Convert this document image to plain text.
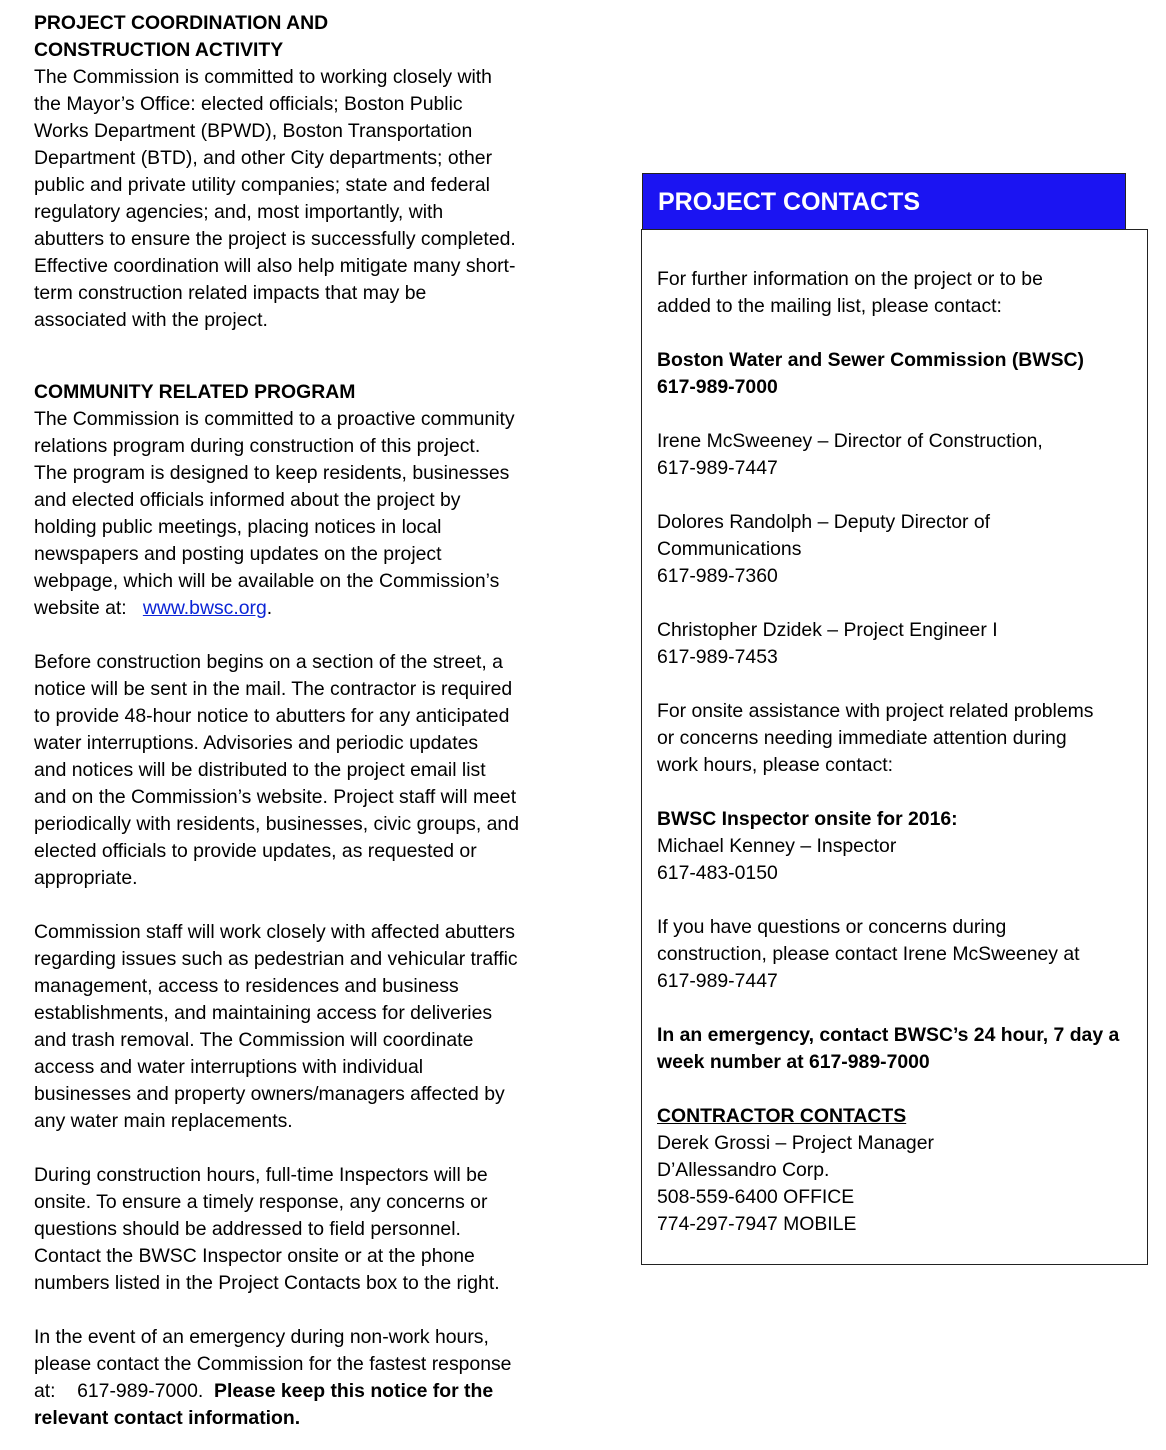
PROJECT COORDINATION AND

CONSTRUCTION ACTIVITY

The Commission is committed to working closely with

the Mayor’s Office: elected officials; Boston Public

Works Department (BPWD), Boston Transportation

Department (BTD), and other City departments; other

public and private utility companies; state and federal

regulatory agencies; and, most importantly, with

abutters to ensure the project is successfully completed.

Effective coordination will also help mitigate many short-

term construction related impacts that may be

associated with the project.

COMMUNITY RELATED PROGRAM

The Commission is committed to a proactive community

relations program during construction of this project.

The program is designed to keep residents, businesses

and elected officials informed about the project by

holding public meetings, placing notices in local

newspapers and posting updates on the project

webpage, which will be available on the Commission’s

website at:   www.bwsc.org.

Before construction begins on a section of the street, a

notice will be sent in the mail. The contractor is required

to provide 48-hour notice to abutters for any anticipated

water interruptions. Advisories and periodic updates

and notices will be distributed to the project email list

and on the Commission’s website. Project staff will meet

periodically with residents, businesses, civic groups, and

elected officials to provide updates, as requested or

appropriate.

Commission staff will work closely with affected abutters

regarding issues such as pedestrian and vehicular traffic

management, access to residences and business

establishments, and maintaining access for deliveries

and trash removal. The Commission will coordinate

access and water interruptions with individual

businesses and property owners/managers affected by

any water main replacements.

During construction hours, full-time Inspectors will be

onsite. To ensure a timely response, any concerns or

questions should be addressed to field personnel.

Contact the BWSC Inspector onsite or at the phone

numbers listed in the Project Contacts box to the right.

In the event of an emergency during non-work hours,

please contact the Commission for the fastest response

at:    617-989-7000.  Please keep this notice for the

relevant contact information.

PROJECT CONTACTS

For further information on the project or to be

added to the mailing list, please contact:

Boston Water and Sewer Commission (BWSC)

617-989-7000

Irene McSweeney – Director of Construction,

617-989-7447

Dolores Randolph – Deputy Director of

Communications

617-989-7360

Christopher Dzidek – Project Engineer I

617-989-7453

For onsite assistance with project related problems

or concerns needing immediate attention during

work hours, please contact:

BWSC Inspector onsite for 2016:

Michael Kenney – Inspector

617-483-0150

If you have questions or concerns during

construction, please contact Irene McSweeney at

617-989-7447

In an emergency, contact BWSC’s 24 hour, 7 day a

week number at 617-989-7000

CONTRACTOR CONTACTS

Derek Grossi – Project Manager

D’Allessandro Corp.

508-559-6400 OFFICE

774-297-7947 MOBILE
